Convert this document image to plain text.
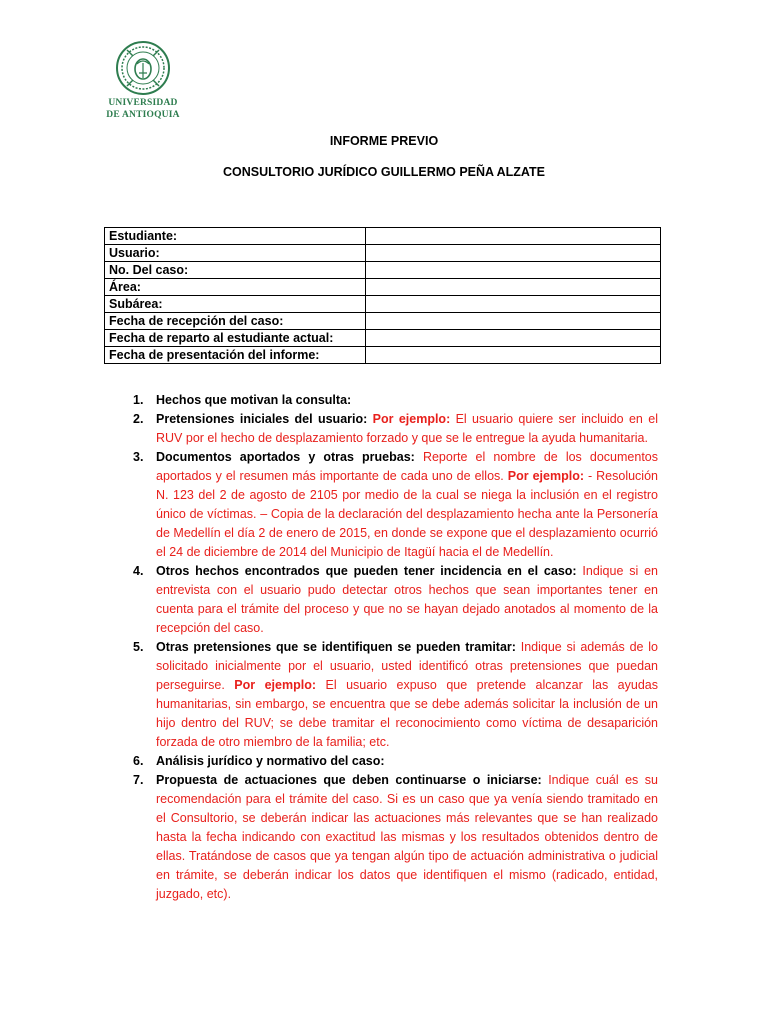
UNIVERSIDAD
DE ANTIOQUIA
INFORME PREVIO
CONSULTORIO JURÍDICO GUILLERMO PEÑA ALZATE
Estudiante:	
Usuario:	
No. Del caso:	
Área:	
Subárea:	
Fecha de recepción del caso:	
Fecha de reparto al estudiante actual:	
Fecha de presentación del informe:	
1. Hechos que motivan la consulta:
2. Pretensiones iniciales del usuario: Por ejemplo: El usuario quiere ser incluido en el RUV por el hecho de desplazamiento forzado y que se le entregue la ayuda humanitaria.
3. Documentos aportados y otras pruebas: Reporte el nombre de los documentos aportados y el resumen más importante de cada uno de ellos. Por ejemplo: - Resolución N. 123 del 2 de agosto de 2105 por medio de la cual se niega la inclusión en el registro único de víctimas. – Copia de la declaración del desplazamiento hecha ante la Personería de Medellín el día 2 de enero de 2015, en donde se expone que el desplazamiento ocurrió el 24 de diciembre de 2014 del Municipio de Itagüí hacia el de Medellín.
4. Otros hechos encontrados que pueden tener incidencia en el caso: Indique si en entrevista con el usuario pudo detectar otros hechos que sean importantes tener en cuenta para el trámite del proceso y que no se hayan dejado anotados al momento de la recepción del caso.
5. Otras pretensiones que se identifiquen se pueden tramitar: Indique si además de lo solicitado inicialmente por el usuario, usted identificó otras pretensiones que puedan perseguirse. Por ejemplo: El usuario expuso que pretende alcanzar las ayudas humanitarias, sin embargo, se encuentra que se debe además solicitar la inclusión de un hijo dentro del RUV; se debe tramitar el reconocimiento como víctima de desaparición forzada de otro miembro de la familia; etc.
6. Análisis jurídico y normativo del caso:
7. Propuesta de actuaciones que deben continuarse o iniciarse: Indique cuál es su recomendación para el trámite del caso. Si es un caso que ya venía siendo tramitado en el Consultorio, se deberán indicar las actuaciones más relevantes que se han realizado hasta la fecha indicando con exactitud las mismas y los resultados obtenidos dentro de ellas. Tratándose de casos que ya tengan algún tipo de actuación administrativa o judicial en trámite, se deberán indicar los datos que identifiquen el mismo (radicado, entidad, juzgado, etc).
